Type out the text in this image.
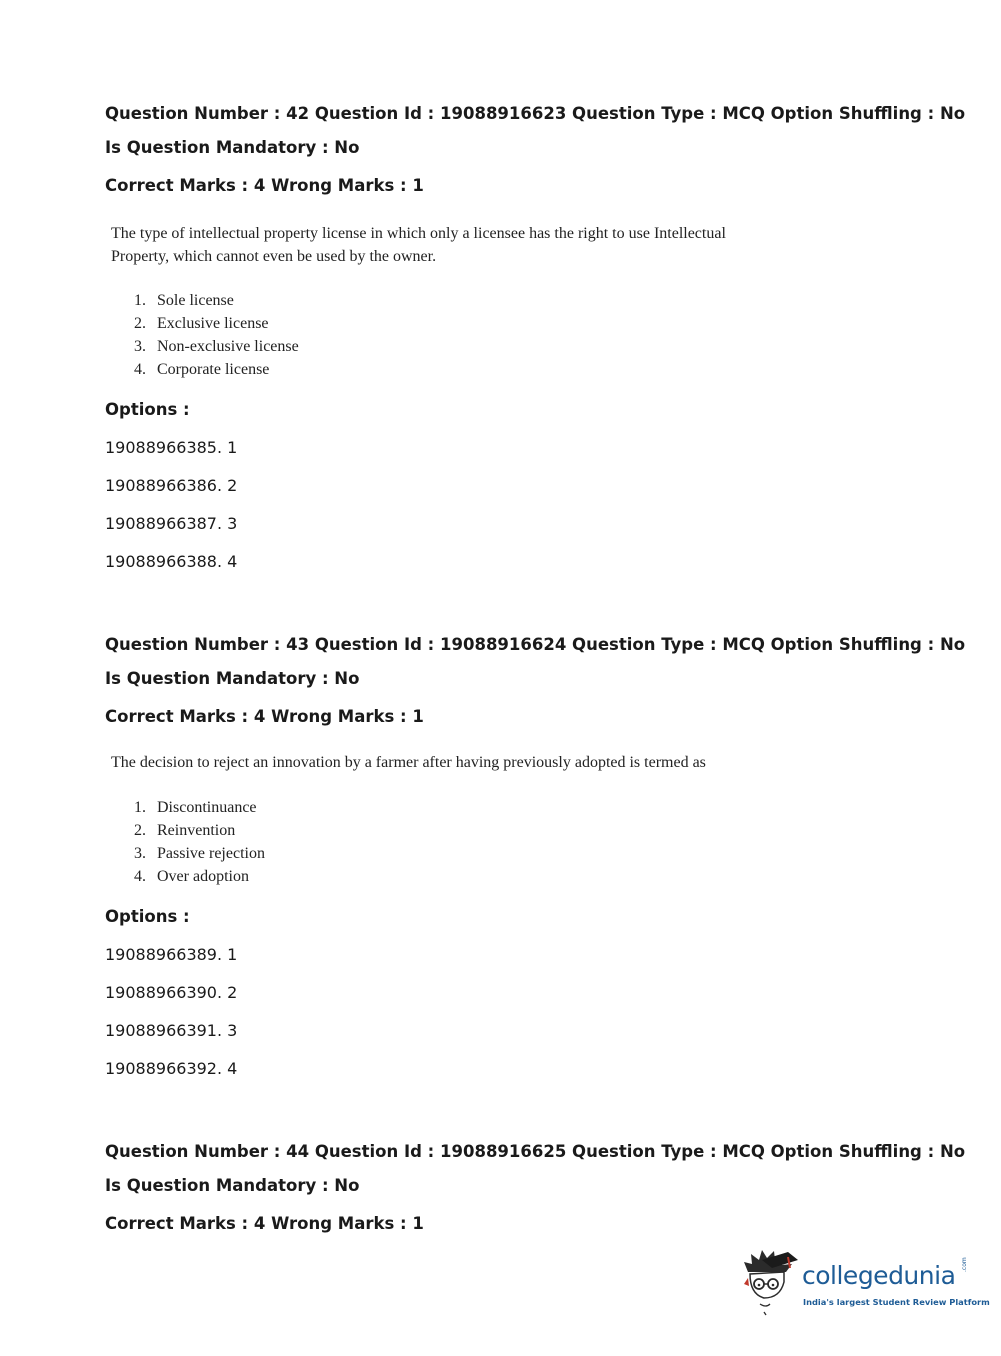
Question Number : 42 Question Id : 19088916623 Question Type : MCQ Option Shuffling : No
Is Question Mandatory : No
Correct Marks : 4 Wrong Marks : 1
The type of intellectual property license in which only a licensee has the right to use Intellectual
Property, which cannot even be used by the owner.
1. Sole license
2. Exclusive license
3. Non-exclusive license
4. Corporate license
Options :
19088966385. 1
19088966386. 2
19088966387. 3
19088966388. 4
Question Number : 43 Question Id : 19088916624 Question Type : MCQ Option Shuffling : No
Is Question Mandatory : No
Correct Marks : 4 Wrong Marks : 1
The decision to reject an innovation by a farmer after having previously adopted is termed as
1. Discontinuance
2. Reinvention
3. Passive rejection
4. Over adoption
Options :
19088966389. 1
19088966390. 2
19088966391. 3
19088966392. 4
Question Number : 44 Question Id : 19088916625 Question Type : MCQ Option Shuffling : No
Is Question Mandatory : No
Correct Marks : 4 Wrong Marks : 1
collegedunia .com
India's largest Student Review Platform
